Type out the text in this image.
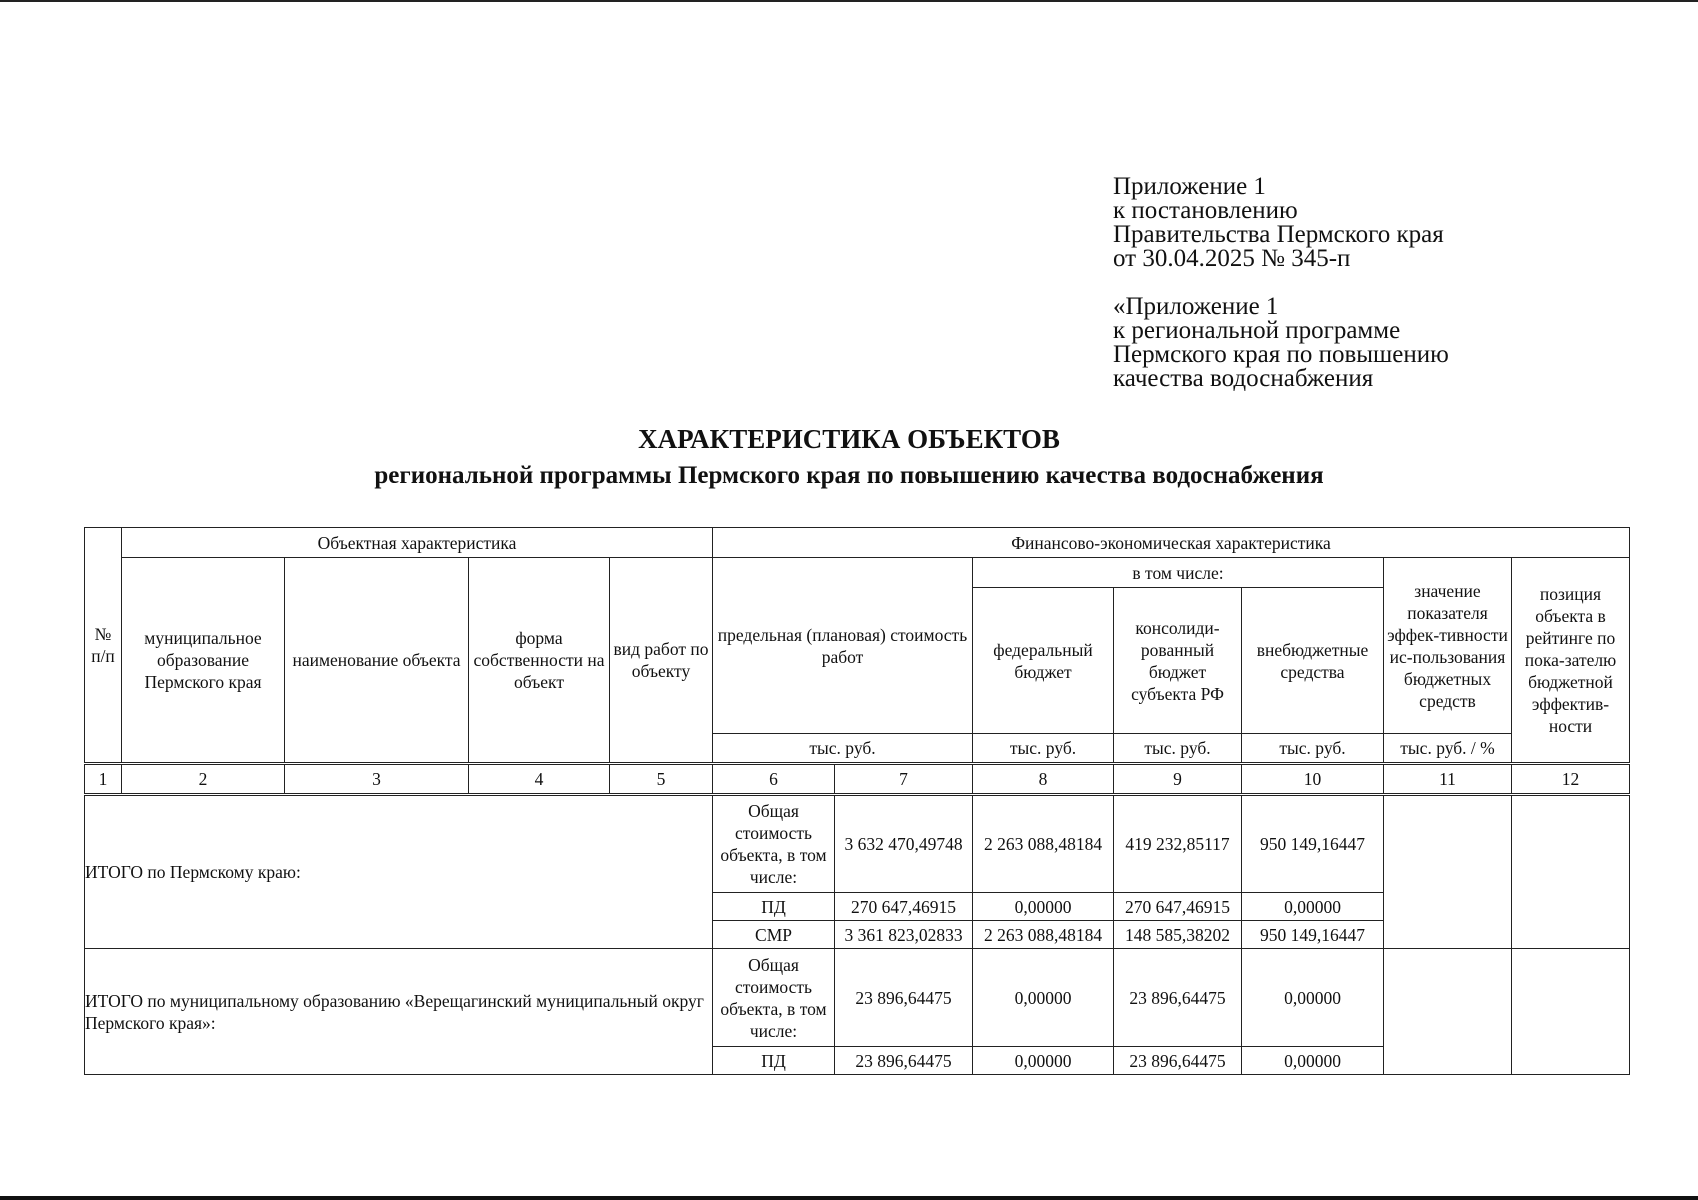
Приложение 1
к постановлению
Правительства Пермского края
от 30.04.2025 № 345-п
«Приложение 1
к региональной программе
Пермского края по повышению
качества водоснабжения
ХАРАКТЕРИСТИКА ОБЪЕКТОВ
региональной программы Пермского края по повышению качества водоснабжения
№ п/п	Объектная характеристика				Финансово-экономическая характеристика						
	муниципальное образование Пермского края	наименование объекта	форма собственности на объект	вид работ по объекту	предельная (плановая) стоимость работ		в том числе:			значение показателя эффек-тивности ис-пользования бюджетных средств	позиция объекта в рейтинге по пока-зателю бюджетной эффектив-ности
							федеральный бюджет	консолиди-рованный бюджет субъекта РФ	внебюджетные средства		
					тыс. руб.		тыс. руб.	тыс. руб.	тыс. руб.	тыс. руб. / %	
1	2	3	4	5	6	7	8	9	10	11	12
ИТОГО по Пермскому краю:					Общая стоимость объекта, в том числе:	3 632 470,49748	2 263 088,48184	419 232,85117	950 149,16447		
					ПД	270 647,46915	0,00000	270 647,46915	0,00000		
					СМР	3 361 823,02833	2 263 088,48184	148 585,38202	950 149,16447		
ИТОГО по муниципальному образованию «Верещагинский муниципальный округ Пермского края»:					Общая стоимость объекта, в том числе:	23 896,64475	0,00000	23 896,64475	0,00000		
					ПД	23 896,64475	0,00000	23 896,64475	0,00000		
